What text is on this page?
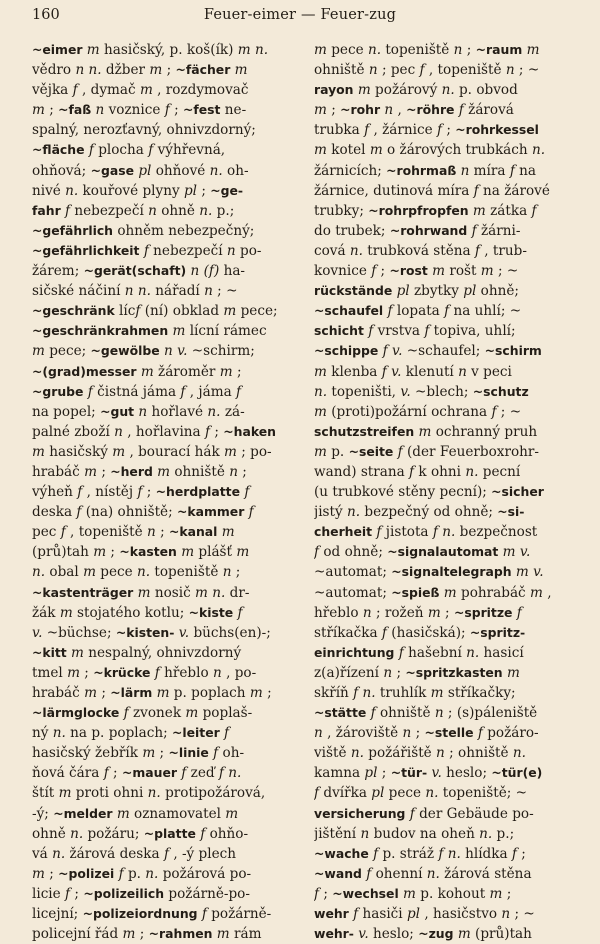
160	Feuer-eimer — Feuer-zug
~eimer m hasičský, p. koš(ík) m n.
vědro n n. džber m ; ~fächer m
vějka f , dymač m , rozdymovač
m ; ~faß n voznice f ; ~fest ne-
spalný, nerozťavný, ohnivzdorný;
~fläche f plocha f výhřevná,
ohňová; ~gase pl ohňové n. oh-
nivé n. kouřové plyny pl ; ~ge-
fahr f nebezpečí n ohně n. p.;
~gefährlich ohněm nebezpečný;
~gefährlichkeit f nebezpečí n po-
žárem; ~gerät(schaft) n (f) ha-
sičské náčiní n n. nářadí n ; ~
~geschränk lícf (ní) obklad m pece;
~geschränkrahmen m lícní rámec
m pece; ~gewölbe n v. ~schirm;
~(grad)messer m žároměr m ;
~grube f čistná jáma f , jáma f
na popel; ~gut n hořlavé n. zá-
palné zboží n , hořlavina f ; ~haken
m hasičský m , bourací hák m ; po-
hrabáč m ; ~herd m ohniště n ;
výheň f , nístěj f ; ~herdplatte f
deska f (na) ohniště; ~kammer f
pec f , topeniště n ; ~kanal m
(prů)tah m ; ~kasten m plášť m
n. obal m pece n. topeniště n ;
~kastenträger m nosič m n. dr-
žák m stojatého kotlu; ~kiste f
v. ~büchse; ~kisten- v. büchs(en)-;
~kitt m nespalný, ohnivzdorný
tmel m ; ~krücke f hřeblo n , po-
hrabáč m ; ~lärm m p. poplach m ;
~lärmglocke f zvonek m poplaš-
ný n. na p. poplach; ~leiter f
hasičský žebřík m ; ~linie f oh-
ňová čára f ; ~mauer f zeď f n.
štít m proti ohni n. protipožárová,
-ý; ~melder m oznamovatel m
ohně n. požáru; ~platte f ohňo-
vá n. žárová deska f , -ý plech
m ; ~polizei f p. n. požárová po-
licie f ; ~polizeilich požárně-po-
licejní; ~polizeiordnung f požárně-
policejní řád m ; ~rahmen m rám
m pece n. topeniště n ; ~raum m
ohniště n ; pec f , topeniště n ; ~
rayon m požárový n. p. obvod
m ; ~rohr n , ~röhre f žárová
trubka f , žárnice f ; ~rohrkessel
m kotel m o žárových trubkách n.
žárnicích; ~rohrmaß n míra f na
žárnice, dutinová míra f na žárové
trubky; ~rohrpfropfen m zátka f
do trubek; ~rohrwand f žárni-
cová n. trubková stěna f , trub-
kovnice f ; ~rost m rošt m ; ~
rückstände pl zbytky pl ohně;
~schaufel f lopata f na uhlí; ~
schicht f vrstva f topiva, uhlí;
~schippe f v. ~schaufel; ~schirm
m klenba f v. klenutí n v peci
n. topeništi, v. ~blech; ~schutz
m (proti)požární ochrana f ; ~
schutzstreifen m ochranný pruh
m p. ~seite f (der Feuerboxrohr-
wand) strana f k ohni n. pecní
(u trubkové stěny pecní); ~sicher
jistý n. bezpečný od ohně; ~si-
cherheit f jistota f n. bezpečnost
f od ohně; ~signalautomat m v.
~automat; ~signaltelegraph m v.
~automat; ~spieß m pohrabáč m ,
hřeblo n ; rožeň m ; ~spritze f
stříkačka f (hasičská); ~spritz-
einrichtung f hašební n. hasicí
z(a)řízení n ; ~spritzkasten m
skříň f n. truhlík m stříkačky;
~stätte f ohniště n ; (s)páleniště
n , žároviště n ; ~stelle f požáro-
viště n. požářiště n ; ohniště n.
kamna pl ; ~tür- v. heslo; ~tür(e)
f dvířka pl pece n. topeniště; ~
versicherung f der Gebäude po-
jištění n budov na oheň n. p.;
~wache f p. stráž f n. hlídka f ;
~wand f ohenní n. žárová stěna
f ; ~wechsel m p. kohout m ;
wehr f hasiči pl , hasičstvo n ; ~
wehr- v. heslo; ~zug m (prů)tah
